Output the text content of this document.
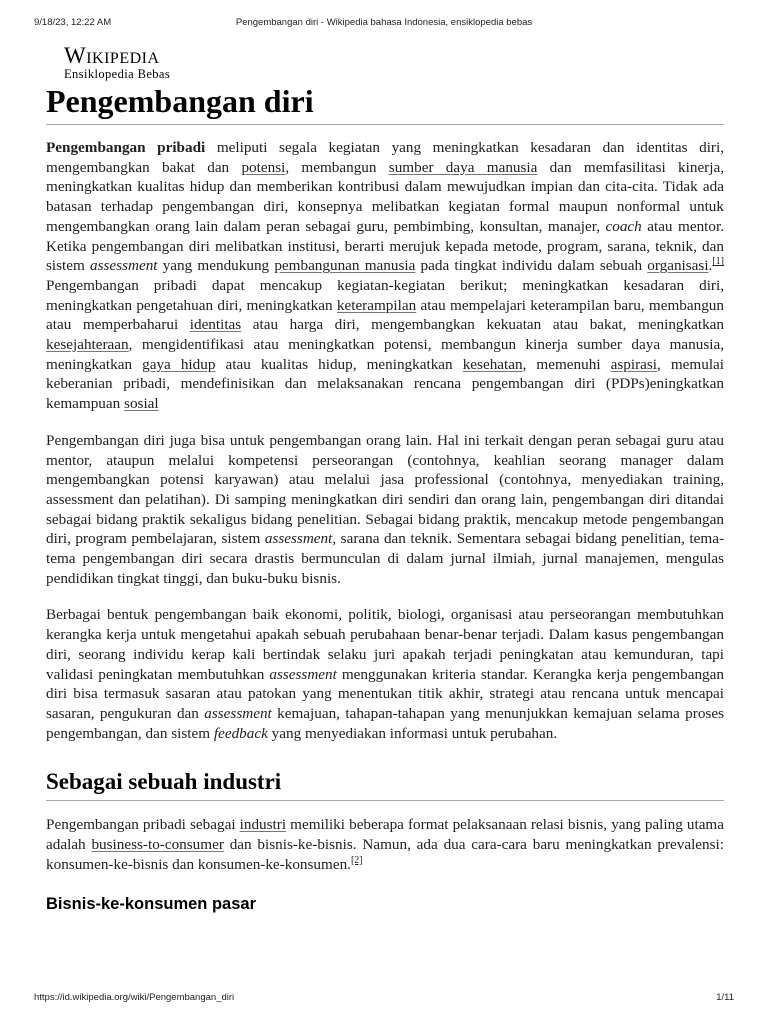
9/18/23, 12:22 AM	Pengembangan diri - Wikipedia bahasa Indonesia, ensiklopedia bebas
Wikipedia
Ensiklopedia Bebas
Pengembangan diri

Pengembangan pribadi meliputi segala kegiatan yang meningkatkan kesadaran dan identitas diri, mengembangkan bakat dan potensi, membangun sumber daya manusia dan memfasilitasi kinerja, meningkatkan kualitas hidup dan memberikan kontribusi dalam mewujudkan impian dan cita-cita. Tidak ada batasan terhadap pengembangan diri, konsepnya melibatkan kegiatan formal maupun nonformal untuk mengembangkan orang lain dalam peran sebagai guru, pembimbing, konsultan, manajer, coach atau mentor. Ketika pengembangan diri melibatkan institusi, berarti merujuk kepada metode, program, sarana, teknik, dan sistem assessment yang mendukung pembangunan manusia pada tingkat individu dalam sebuah organisasi.[1] Pengembangan pribadi dapat mencakup kegiatan-kegiatan berikut; meningkatkan kesadaran diri, meningkatkan pengetahuan diri, meningkatkan keterampilan atau mempelajari keterampilan baru, membangun atau memperbaharui identitas atau harga diri, mengembangkan kekuatan atau bakat, meningkatkan kesejahteraan, mengidentifikasi atau meningkatkan potensi, membangun kinerja sumber daya manusia, meningkatkan gaya hidup atau kualitas hidup, meningkatkan kesehatan, memenuhi aspirasi, memulai keberanian pribadi, mendefinisikan dan melaksanakan rencana pengembangan diri (PDPs)eningkatkan kemampuan sosial

Pengembangan diri juga bisa untuk pengembangan orang lain. Hal ini terkait dengan peran sebagai guru atau mentor, ataupun melalui kompetensi perseorangan (contohnya, keahlian seorang manager dalam mengembangkan potensi karyawan) atau melalui jasa professional (contohnya, menyediakan training, assessment dan pelatihan). Di samping meningkatkan diri sendiri dan orang lain, pengembangan diri ditandai sebagai bidang praktik sekaligus bidang penelitian. Sebagai bidang praktik, mencakup metode pengembangan diri, program pembelajaran, sistem assessment, sarana dan teknik. Sementara sebagai bidang penelitian, tema-tema pengembangan diri secara drastis bermunculan di dalam jurnal ilmiah, jurnal manajemen, mengulas pendidikan tingkat tinggi, dan buku-buku bisnis.

Berbagai bentuk pengembangan baik ekonomi, politik, biologi, organisasi atau perseorangan membutuhkan kerangka kerja untuk mengetahui apakah sebuah perubahaan benar-benar terjadi. Dalam kasus pengembangan diri, seorang individu kerap kali bertindak selaku juri apakah terjadi peningkatan atau kemunduran, tapi validasi peningkatan membutuhkan assessment menggunakan kriteria standar. Kerangka kerja pengembangan diri bisa termasuk sasaran atau patokan yang menentukan titik akhir, strategi atau rencana untuk mencapai sasaran, pengukuran dan assessment kemajuan, tahapan-tahapan yang menunjukkan kemajuan selama proses pengembangan, dan sistem feedback yang menyediakan informasi untuk perubahan.

Sebagai sebuah industri

Pengembangan pribadi sebagai industri memiliki beberapa format pelaksanaan relasi bisnis, yang paling utama adalah business-to-consumer dan bisnis-ke-bisnis. Namun, ada dua cara-cara baru meningkatkan prevalensi: konsumen-ke-bisnis dan konsumen-ke-konsumen.[2]

Bisnis-ke-konsumen pasar
https://id.wikipedia.org/wiki/Pengembangan_diri	1/11
